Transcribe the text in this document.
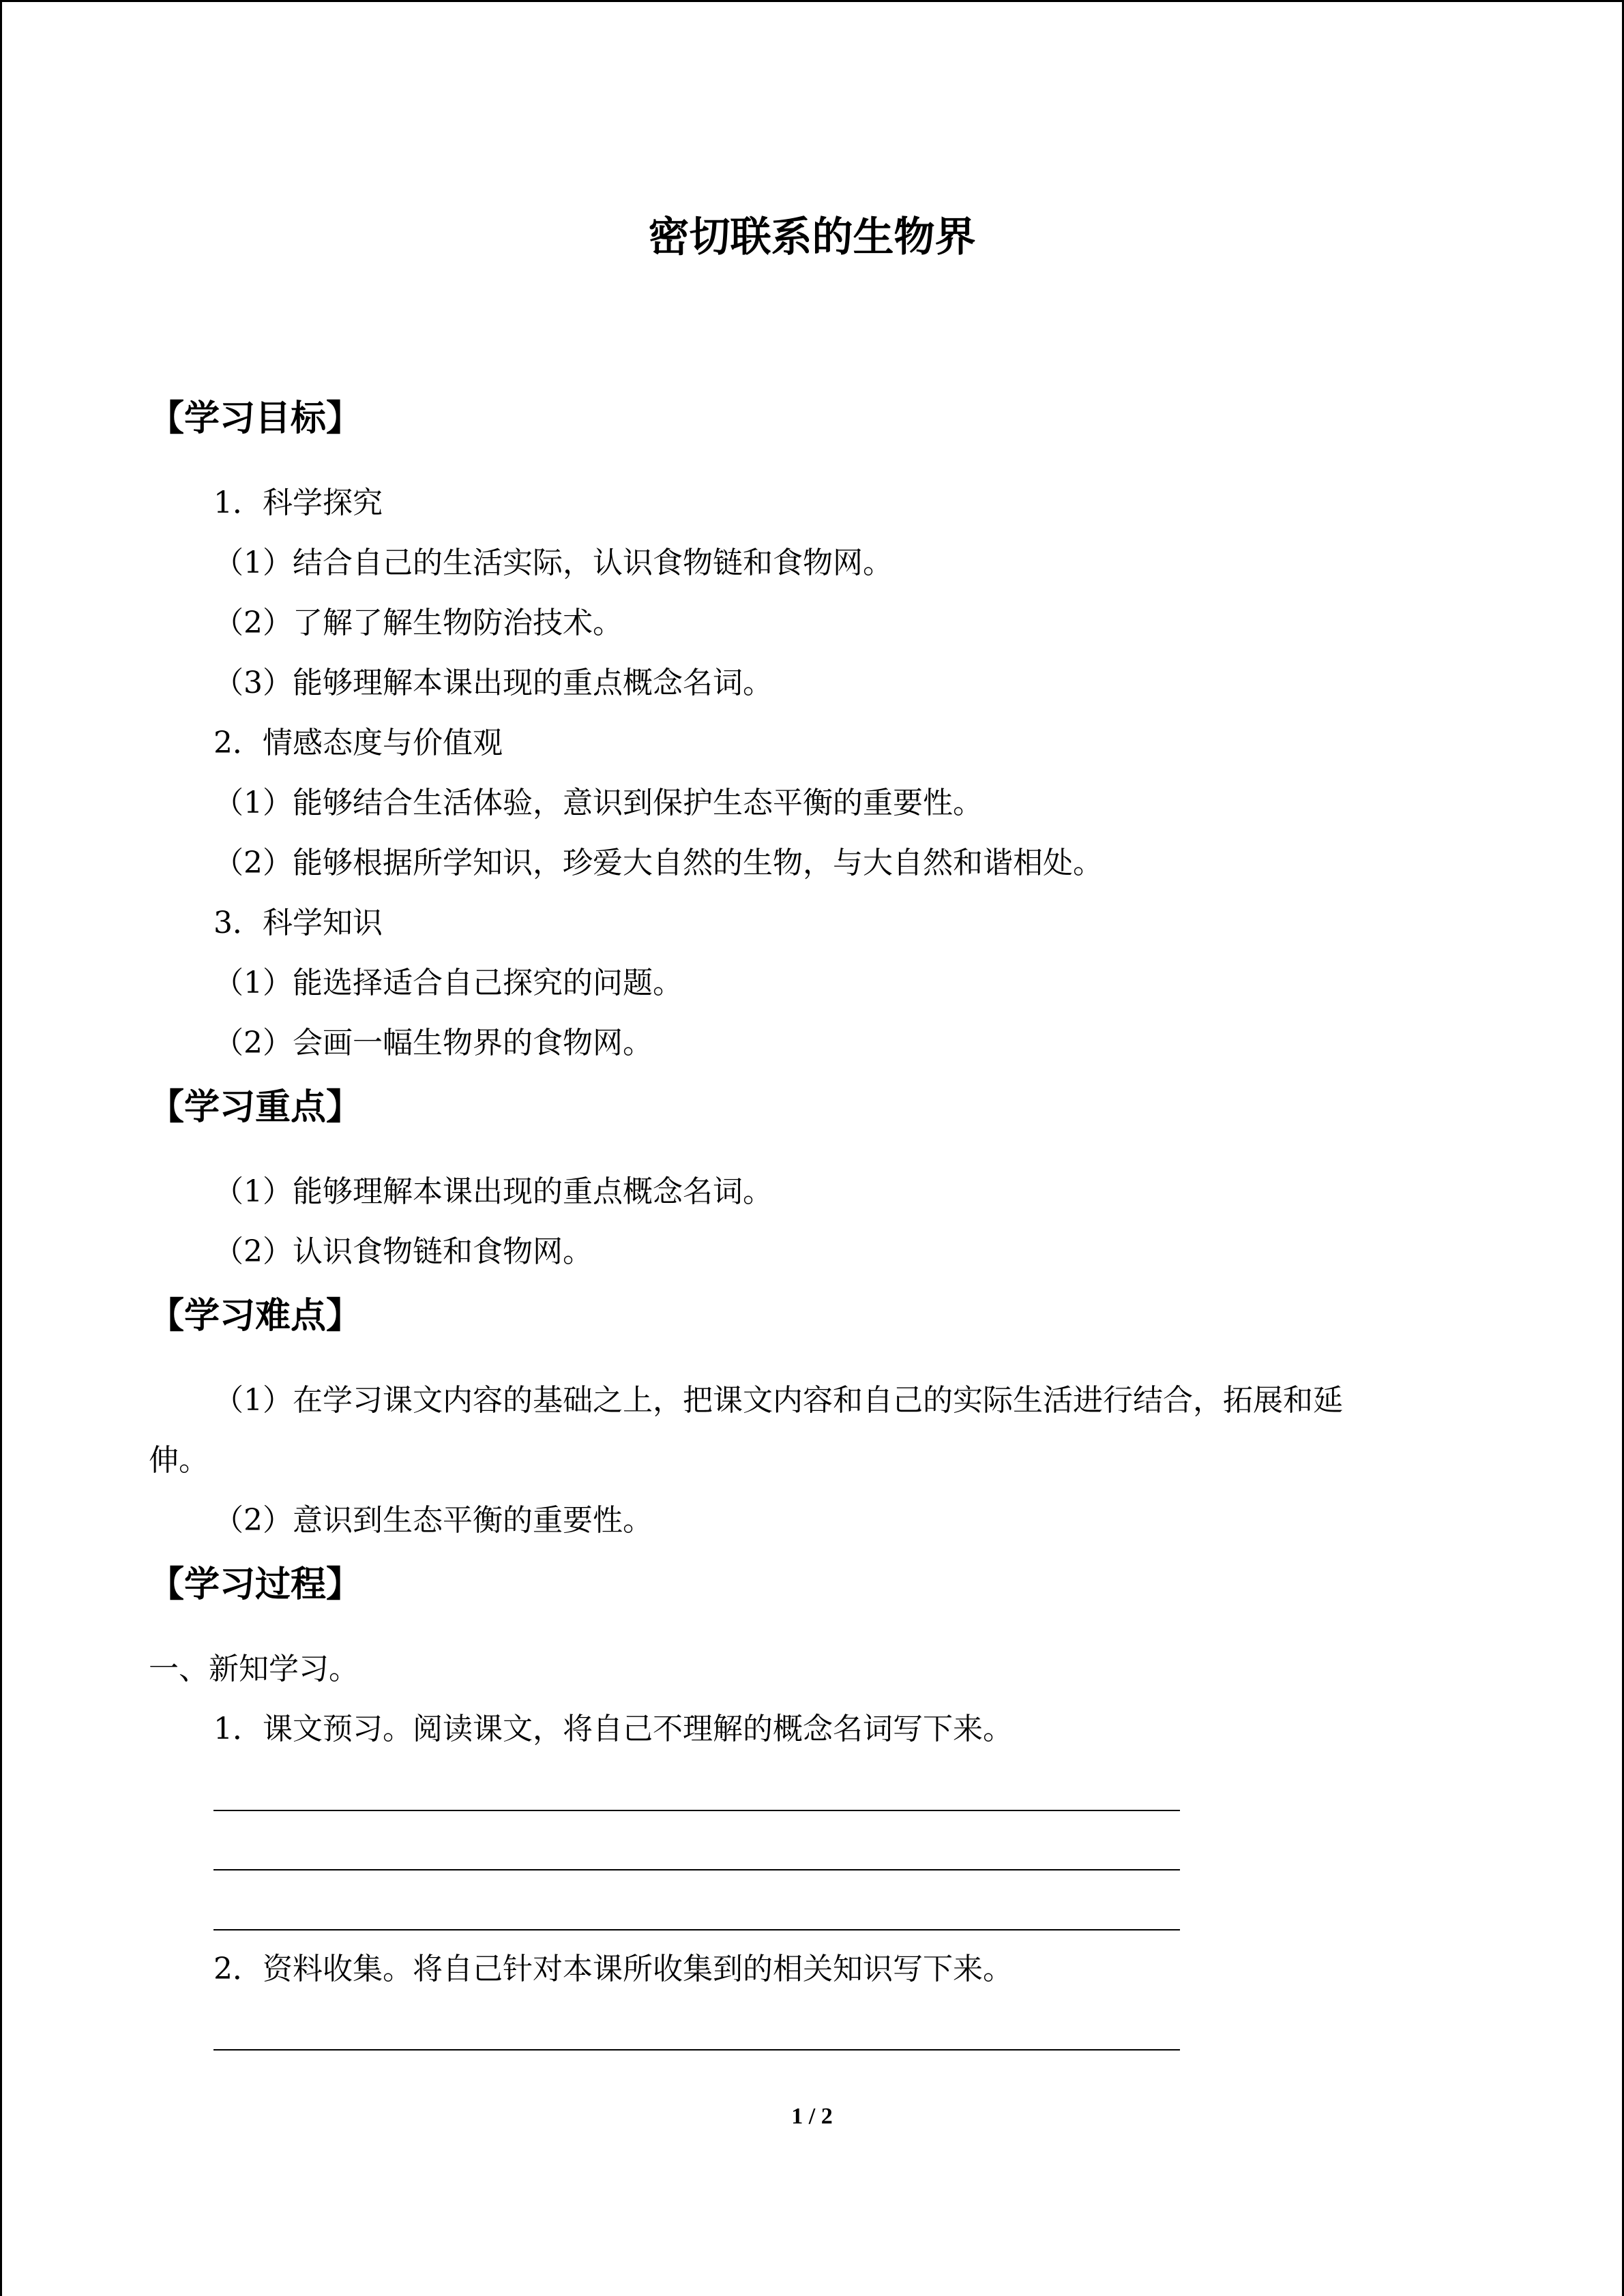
密切联系的生物界
【学习目标】
1．科学探究
（1）结合自己的生活实际，认识食物链和食物网。
（2）了解了解生物防治技术。
（3）能够理解本课出现的重点概念名词。
2．情感态度与价值观
（1）能够结合生活体验，意识到保护生态平衡的重要性。
（2）能够根据所学知识，珍爱大自然的生物，与大自然和谐相处。
3．科学知识
（1）能选择适合自己探究的问题。
（2）会画一幅生物界的食物网。
【学习重点】
（1）能够理解本课出现的重点概念名词。
（2）认识食物链和食物网。
【学习难点】
（1）在学习课文内容的基础之上，把课文内容和自己的实际生活进行结合，拓展和延
伸。
（2）意识到生态平衡的重要性。
【学习过程】
一、新知学习。
1．课文预习。阅读课文，将自己不理解的概念名词写下来。
2．资料收集。将自己针对本课所收集到的相关知识写下来。
1 / 2
